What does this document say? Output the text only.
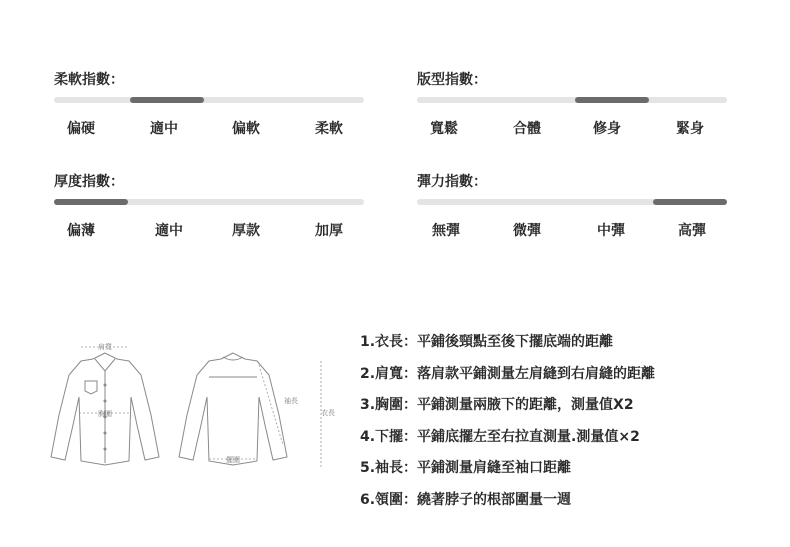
柔軟指數：
偏硬	適中	偏軟	柔軟
版型指數：
寬鬆	合體	修身	緊身
厚度指數：
偏薄	適中	厚款	加厚
彈力指數：
無彈	微彈	中彈	高彈
肩寬
胸圍
擺圍
袖長
衣長
1.衣長：平鋪後頸點至後下擺底端的距離
2.肩寬：落肩款平鋪測量左肩縫到右肩縫的距離
3.胸圍：平鋪測量兩腋下的距離，測量值X2
4.下擺：平鋪底擺左至右拉直測量.測量值×2
5.袖長：平鋪測量肩縫至袖口距離
6.領圍：繞著脖子的根部圍量一週
